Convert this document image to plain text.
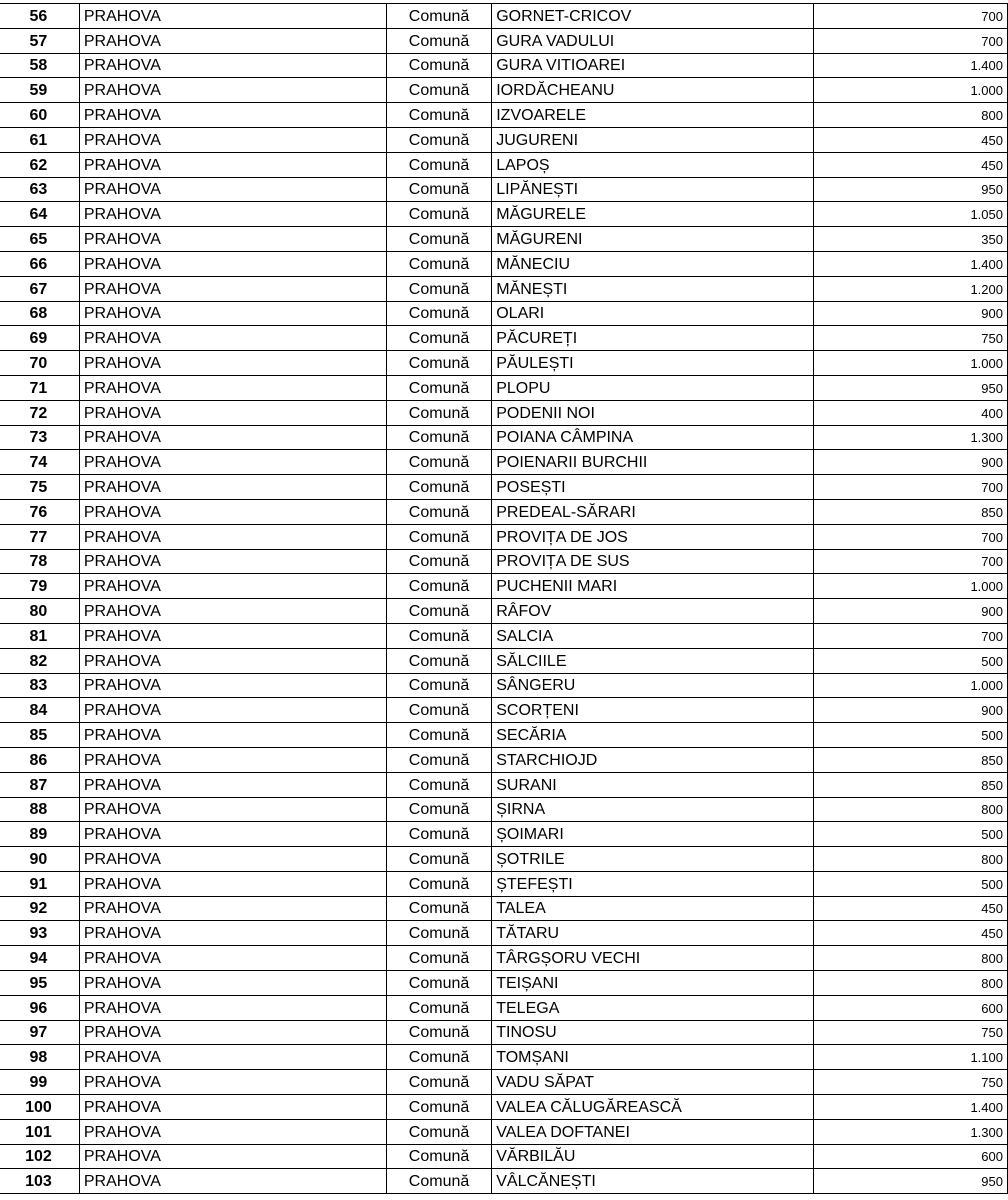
56	PRAHOVA	Comună	GORNET-CRICOV	700
57	PRAHOVA	Comună	GURA VADULUI	700
58	PRAHOVA	Comună	GURA VITIOAREI	1.400
59	PRAHOVA	Comună	IORDĂCHEANU	1.000
60	PRAHOVA	Comună	IZVOARELE	800
61	PRAHOVA	Comună	JUGURENI	450
62	PRAHOVA	Comună	LAPOȘ	450
63	PRAHOVA	Comună	LIPĂNEȘTI	950
64	PRAHOVA	Comună	MĂGURELE	1.050
65	PRAHOVA	Comună	MĂGURENI	350
66	PRAHOVA	Comună	MĂNECIU	1.400
67	PRAHOVA	Comună	MĂNEȘTI	1.200
68	PRAHOVA	Comună	OLARI	900
69	PRAHOVA	Comună	PĂCUREȚI	750
70	PRAHOVA	Comună	PĂULEȘTI	1.000
71	PRAHOVA	Comună	PLOPU	950
72	PRAHOVA	Comună	PODENII NOI	400
73	PRAHOVA	Comună	POIANA CÂMPINA	1.300
74	PRAHOVA	Comună	POIENARII BURCHII	900
75	PRAHOVA	Comună	POSEȘTI	700
76	PRAHOVA	Comună	PREDEAL-SĂRARI	850
77	PRAHOVA	Comună	PROVIȚA DE JOS	700
78	PRAHOVA	Comună	PROVIȚA DE SUS	700
79	PRAHOVA	Comună	PUCHENII MARI	1.000
80	PRAHOVA	Comună	RÂFOV	900
81	PRAHOVA	Comună	SALCIA	700
82	PRAHOVA	Comună	SĂLCIILE	500
83	PRAHOVA	Comună	SÂNGERU	1.000
84	PRAHOVA	Comună	SCORȚENI	900
85	PRAHOVA	Comună	SECĂRIA	500
86	PRAHOVA	Comună	STARCHIOJD	850
87	PRAHOVA	Comună	SURANI	850
88	PRAHOVA	Comună	ȘIRNA	800
89	PRAHOVA	Comună	ȘOIMARI	500
90	PRAHOVA	Comună	ȘOTRILE	800
91	PRAHOVA	Comună	ȘTEFEȘTI	500
92	PRAHOVA	Comună	TALEA	450
93	PRAHOVA	Comună	TĂTARU	450
94	PRAHOVA	Comună	TÂRGȘORU VECHI	800
95	PRAHOVA	Comună	TEIȘANI	800
96	PRAHOVA	Comună	TELEGA	600
97	PRAHOVA	Comună	TINOSU	750
98	PRAHOVA	Comună	TOMȘANI	1.100
99	PRAHOVA	Comună	VADU SĂPAT	750
100	PRAHOVA	Comună	VALEA CĂLUGĂREASCĂ	1.400
101	PRAHOVA	Comună	VALEA DOFTANEI	1.300
102	PRAHOVA	Comună	VĂRBILĂU	600
103	PRAHOVA	Comună	VÂLCĂNEȘTI	950
